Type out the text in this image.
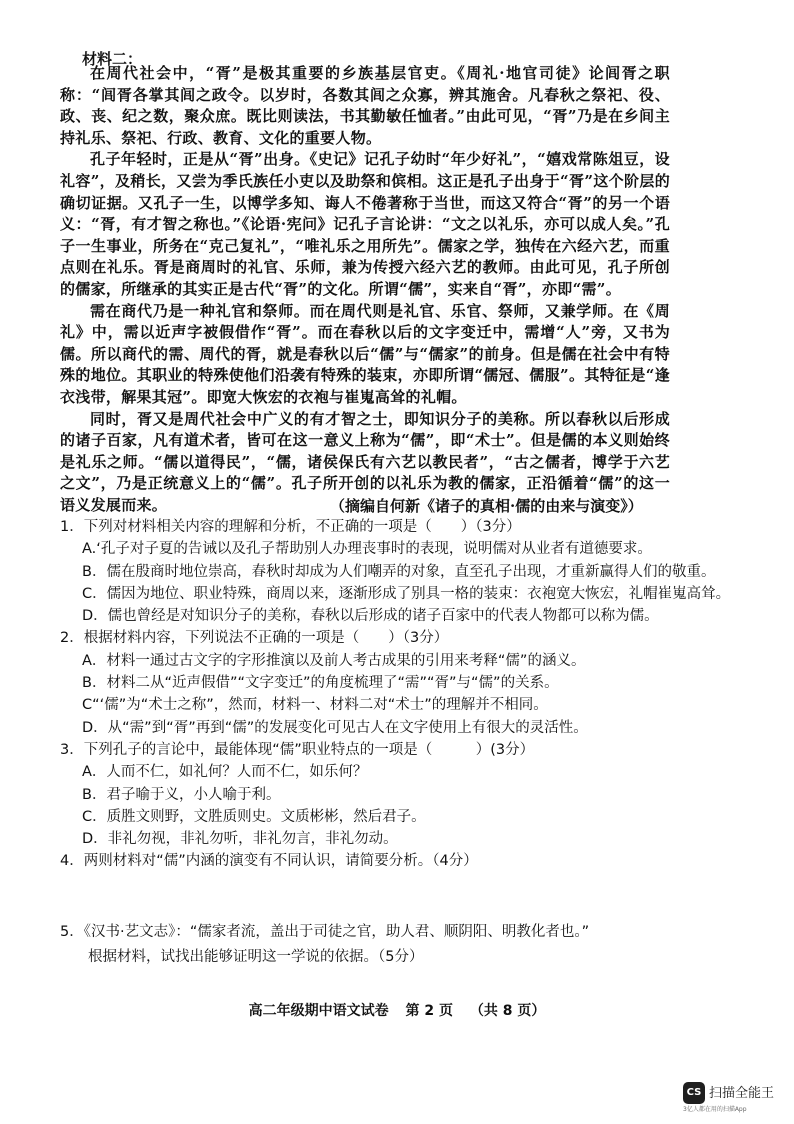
材料二：

在周代社会中，“胥”是极其重要的乡族基层官吏。《周礼·地官司徒》论闾胥之职称：“闾胥各掌其闾之政令。以岁时，各数其闾之众寡，辨其施舍。凡春秋之祭祀、役、政、丧、纪之数，聚众庶。既比则读法，书其勤敏任恤者。”由此可见，“胥”乃是在乡间主持礼乐、祭祀、行政、教育、文化的重要人物。

孔子年轻时，正是从“胥”出身。《史记》记孔子幼时“年少好礼”，“嬉戏常陈俎豆，设礼容”，及稍长，又尝为季氏族任小吏以及助祭和傧相。这正是孔子出身于“胥”这个阶层的确切证据。又孔子一生，以博学多知、诲人不倦著称于当世，而这又符合“胥”的另一个语义：“胥，有才智之称也。”《论语·宪问》记孔子言论讲：“文之以礼乐，亦可以成人矣。”孔子一生事业，所务在“克己复礼”，“唯礼乐之用所先”。儒家之学，独传在六经六艺，而重点则在礼乐。胥是商周时的礼官、乐师，兼为传授六经六艺的教师。由此可见，孔子所创的儒家，所继承的其实正是古代“胥”的文化。所谓“儒”，实来自“胥”，亦即“需”。

需在商代乃是一种礼官和祭师。而在周代则是礼官、乐官、祭师，又兼学师。在《周礼》中，需以近声字被假借作“胥”。而在春秋以后的文字变迁中，需增“人”旁，又书为儒。所以商代的需、周代的胥，就是春秋以后“儒”与“儒家”的前身。但是儒在社会中有特殊的地位。其职业的特殊使他们沿袭有特殊的装束，亦即所谓“儒冠、儒服”。其特征是“逢衣浅带，解果其冠”。即宽大恢宏的衣袍与崔嵬高耸的礼帽。

同时，胥又是周代社会中广义的有才智之士，即知识分子的美称。所以春秋以后形成的诸子百家，凡有道术者，皆可在这一意义上称为“儒”，即“术士”。但是儒的本义则始终是礼乐之师。“儒以道得民”，“儒，诸侯保氏有六艺以教民者”，“古之儒者，博学于六艺之文”，乃是正统意义上的“儒”。孔子所开创的以礼乐为教的儒家，正沿循着“儒”的这一语义发展而来。	（摘编自何新《诸子的真相·儒的由来与演变》）

1．下列对材料相关内容的理解和分析，不正确的一项是（　　）（3分）

A.‘孔子对子夏的告诫以及孔子帮助别人办理丧事时的表现，说明儒对从业者有道德要求。

B．儒在殷商时地位崇高，春秋时却成为人们嘲弄的对象，直至孔子出现，才重新赢得人们的敬重。

C．儒因为地位、职业特殊，商周以来，逐渐形成了别具一格的装束：衣袍宽大恢宏，礼帽崔嵬高耸。

D．儒也曾经是对知识分子的美称，春秋以后形成的诸子百家中的代表人物都可以称为儒。

2．根据材料内容，下列说法不正确的一项是（　　）（3分）

A．材料一通过古文字的字形推演以及前人考古成果的引用来考释“儒”的涵义。

B．材料二从“近声假借”“文字变迁”的角度梳理了“需”“胥”与“儒”的关系。

C“‘儒”为“术士之称”，然而，材料一、材料二对“术士”的理解并不相同。

D．从“需”到“胥”再到“儒”的发展变化可见古人在文字使用上有很大的灵活性。

3．下列孔子的言论中，最能体现“儒”职业特点的一项是（　　　）(3分）

A．人而不仁，如礼何？人而不仁，如乐何？

B．君子喻于义，小人喻于利。

C．质胜文则野，文胜质则史。文质彬彬，然后君子。

D．非礼勿视，非礼勿听，非礼勿言，非礼勿动。

4．两则材料对“儒”内涵的演变有不同认识，请简要分析。（4分）

5．《汉书·艺文志》：“儒家者流，盖出于司徒之官，助人君、顺阴阳、明教化者也。”
根据材料，试找出能够证明这一学说的依据。（5分）
高二年级期中语文试卷 第 2 页 （共 8 页）
CS 扫描全能王
3亿人都在用的扫描App
